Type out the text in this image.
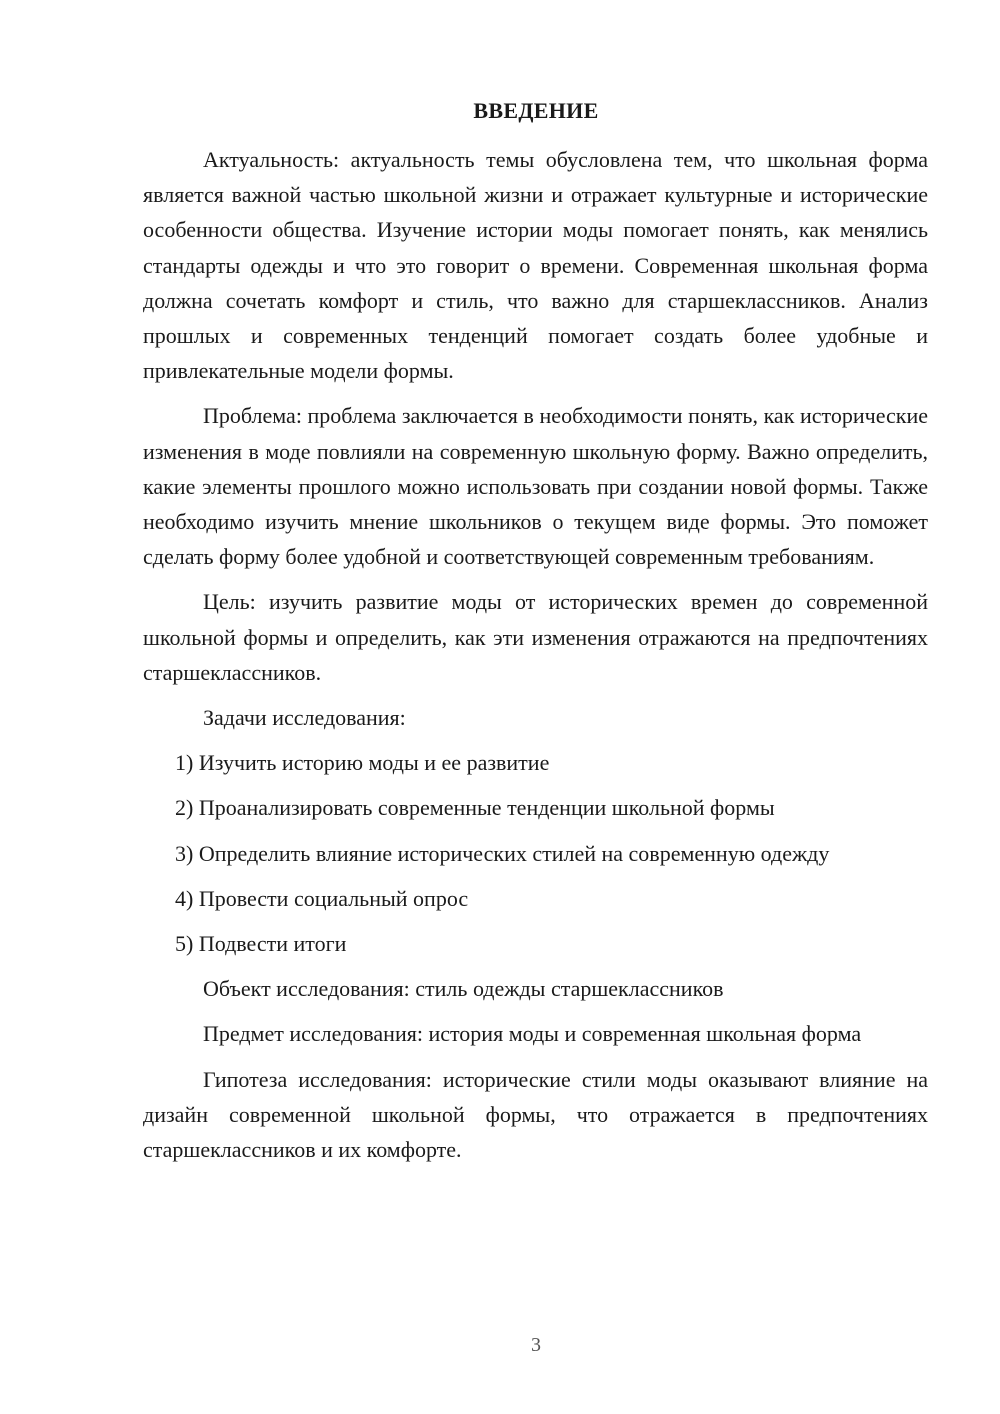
ВВЕДЕНИЕ

Актуальность: актуальность темы обусловлена тем, что школьная форма является важной частью школьной жизни и отражает культурные и исторические особенности общества. Изучение истории моды помогает понять, как менялись стандарты одежды и что это говорит о времени. Современная школьная форма должна сочетать комфорт и стиль, что важно для старшеклассников. Анализ прошлых и современных тенденций помогает создать более удобные и привлекательные модели формы.

Проблема: проблема заключается в необходимости понять, как исторические изменения в моде повлияли на современную школьную форму. Важно определить, какие элементы прошлого можно использовать при создании новой формы. Также необходимо изучить мнение школьников о текущем виде формы. Это поможет сделать форму более удобной и соответствующей современным требованиям.

Цель: изучить развитие моды от исторических времен до современной школьной формы и определить, как эти изменения отражаются на предпочтениях старшеклассников.

Задачи исследования:

1) Изучить историю моды и ее развитие
2) Проанализировать современные тенденции школьной формы
3) Определить влияние исторических стилей на современную одежду
4) Провести социальный опрос
5) Подвести итоги

Объект исследования: стиль одежды старшеклассников

Предмет исследования: история моды и современная школьная форма

Гипотеза исследования: исторические стили моды оказывают влияние на дизайн современной школьной формы, что отражается в предпочтениях старшеклассников и их комфорте.

3
